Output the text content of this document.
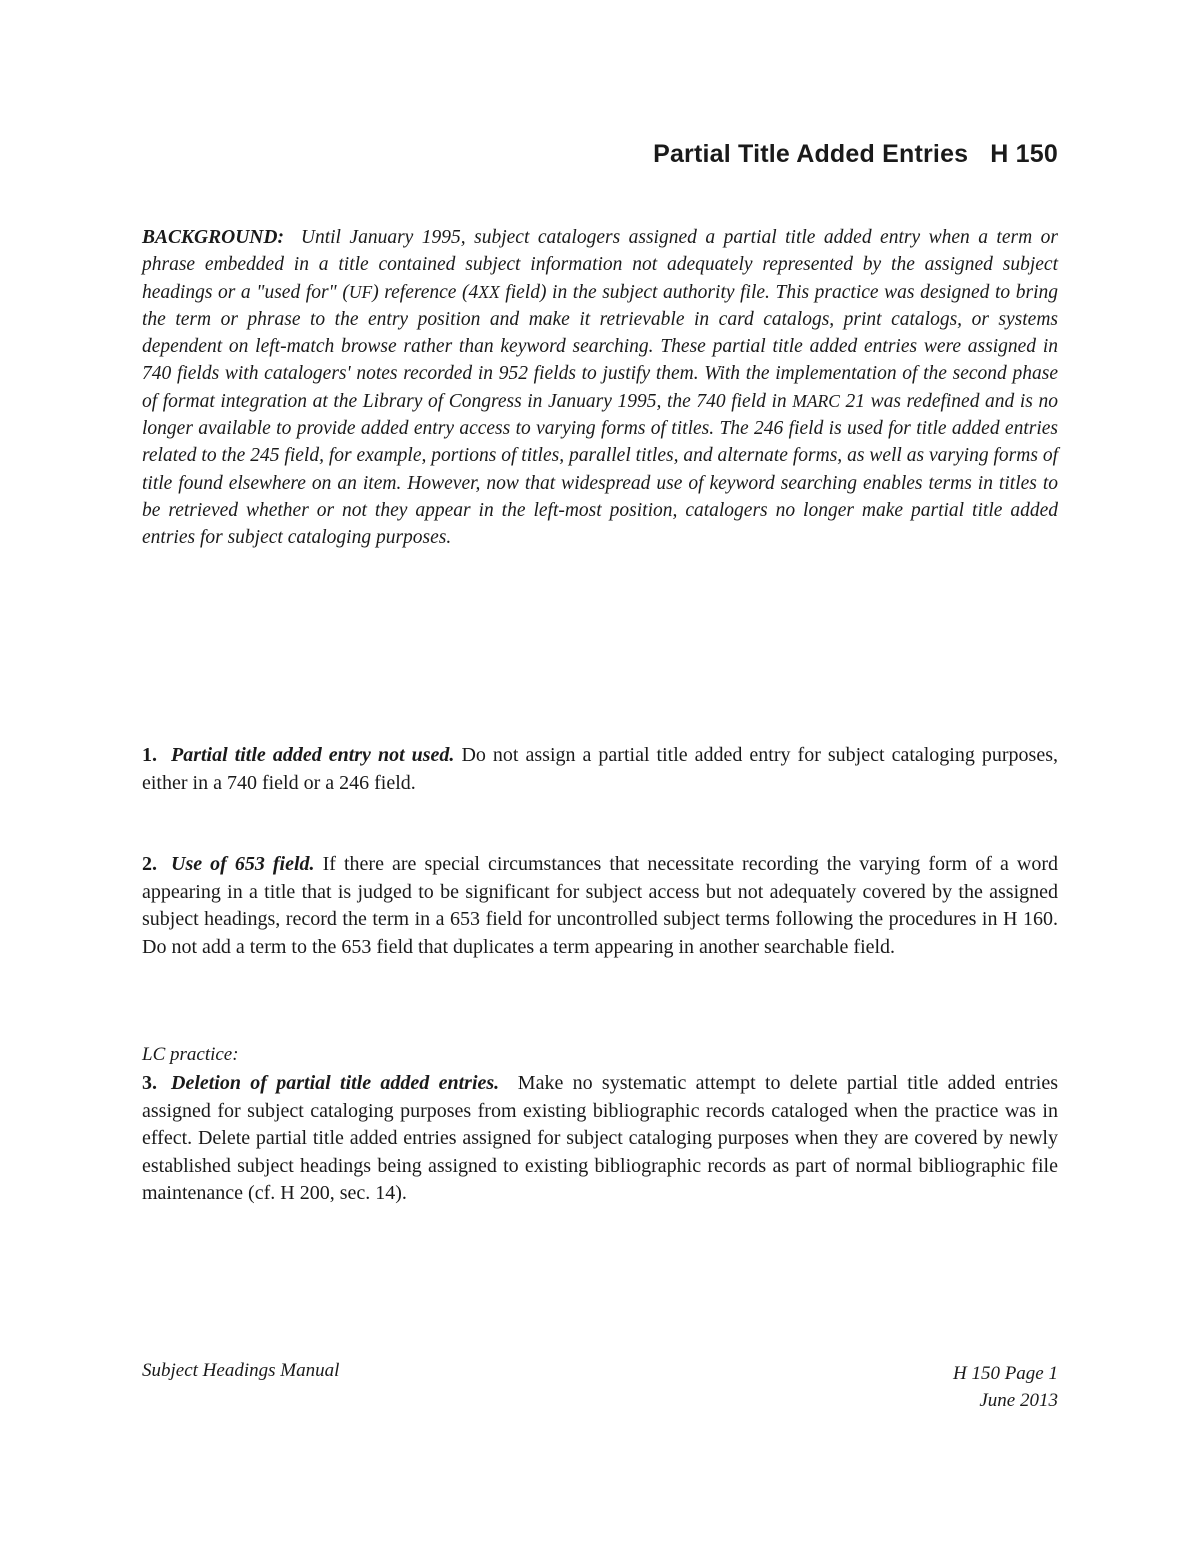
Partial Title Added Entries H 150
BACKGROUND: Until January 1995, subject catalogers assigned a partial title added entry when a term or phrase embedded in a title contained subject information not adequately represented by the assigned subject headings or a "used for" (UF) reference (4XX field) in the subject authority file. This practice was designed to bring the term or phrase to the entry position and make it retrievable in card catalogs, print catalogs, or systems dependent on left-match browse rather than keyword searching. These partial title added entries were assigned in 740 fields with catalogers' notes recorded in 952 fields to justify them. With the implementation of the second phase of format integration at the Library of Congress in January 1995, the 740 field in MARC 21 was redefined and is no longer available to provide added entry access to varying forms of titles. The 246 field is used for title added entries related to the 245 field, for example, portions of titles, parallel titles, and alternate forms, as well as varying forms of title found elsewhere on an item. However, now that widespread use of keyword searching enables terms in titles to be retrieved whether or not they appear in the left-most position, catalogers no longer make partial title added entries for subject cataloging purposes.
1. Partial title added entry not used. Do not assign a partial title added entry for subject cataloging purposes, either in a 740 field or a 246 field.
2. Use of 653 field. If there are special circumstances that necessitate recording the varying form of a word appearing in a title that is judged to be significant for subject access but not adequately covered by the assigned subject headings, record the term in a 653 field for uncontrolled subject terms following the procedures in H 160. Do not add a term to the 653 field that duplicates a term appearing in another searchable field.
LC practice:
3. Deletion of partial title added entries. Make no systematic attempt to delete partial title added entries assigned for subject cataloging purposes from existing bibliographic records cataloged when the practice was in effect. Delete partial title added entries assigned for subject cataloging purposes when they are covered by newly established subject headings being assigned to existing bibliographic records as part of normal bibliographic file maintenance (cf. H 200, sec. 14).
Subject Headings Manual	H 150 Page 1
June 2013
